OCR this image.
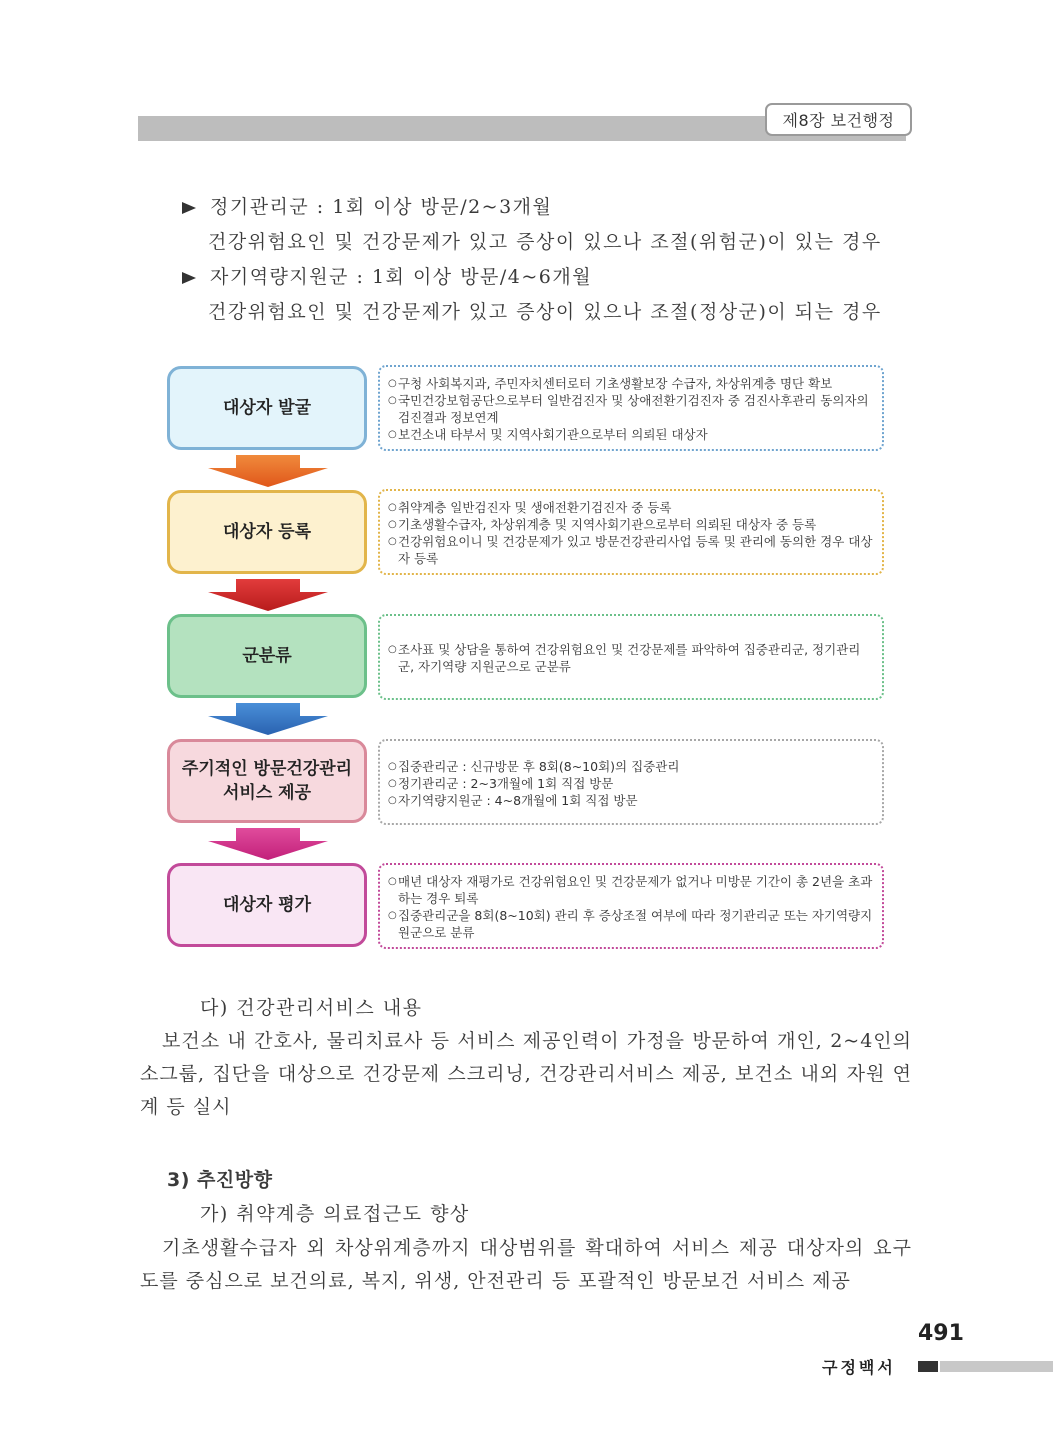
제8장 보건행정
정기관리군 : 1회 이상 방문/2~3개월
건강위험요인 및 건강문제가 있고 증상이 있으나 조절(위험군)이 있는 경우
자기역량지원군 : 1회 이상 방문/4~6개월
건강위험요인 및 건강문제가 있고 증상이 있으나 조절(정상군)이 되는 경우
대상자 발굴
○ 구청 사회복지과, 주민자치센터로터 기초생활보장 수급자, 차상위계층 명단 확보
○ 국민건강보험공단으로부터 일반검진자 및 상애전환기검진자 중 검진사후관리 동의자의 검진결과 정보연계
○ 보건소내 타부서 및 지역사회기관으로부터 의뢰된 대상자
대상자 등록
○ 취약계층 일반검진자 및 생애전환기검진자 중 등록
○ 기초생활수급자, 차상위계층 및 지역사회기관으로부터 의뢰된 대상자 중 등록
○ 건강위험요이니 및 건강문제가 있고 방문건강관리사업 등록 및 관리에 동의한 경우 대상자 등록
군분류
○	조사표 및 상담을 통하여 건강위험요인 및 건강문제를 파악하여 집중관리군, 정기관리군, 자기역량 지원군으로 군분류
주기적인 방문건강관리
서비스 제공
○ 집중관리군 : 신규방문 후 8회(8~10회)의 집중관리
○ 정기관리군 : 2~3개월에 1회 직접 방문
○ 자기역량지원군 : 4~8개월에 1회 직접 방문
대상자 평가
○ 매년 대상자 재평가로 건강위험요인 및 건강문제가 없거나 미방문 기간이 총 2년을 초과하는 경우 퇴록
○ 집중관리군을 8회(8~10회) 관리 후 증상조절 여부에 따라 정기관리군 또는 자기역량지원군으로 분류
다) 건강관리서비스 내용
보건소 내 간호사, 물리치료사 등 서비스 제공인력이 가정을 방문하여 개인, 2~4인의 소그룹, 집단을 대상으로 건강문제 스크리닝, 건강관리서비스 제공, 보건소 내외 자원 연계 등 실시
3) 추진방향
가) 취약계층 의료접근도 향상
기초생활수급자 외 차상위계층까지 대상범위를 확대하여 서비스 제공 대상자의 요구도를 중심으로 보건의료, 복지, 위생, 안전관리 등 포괄적인 방문보건 서비스 제공
491
구정백서
